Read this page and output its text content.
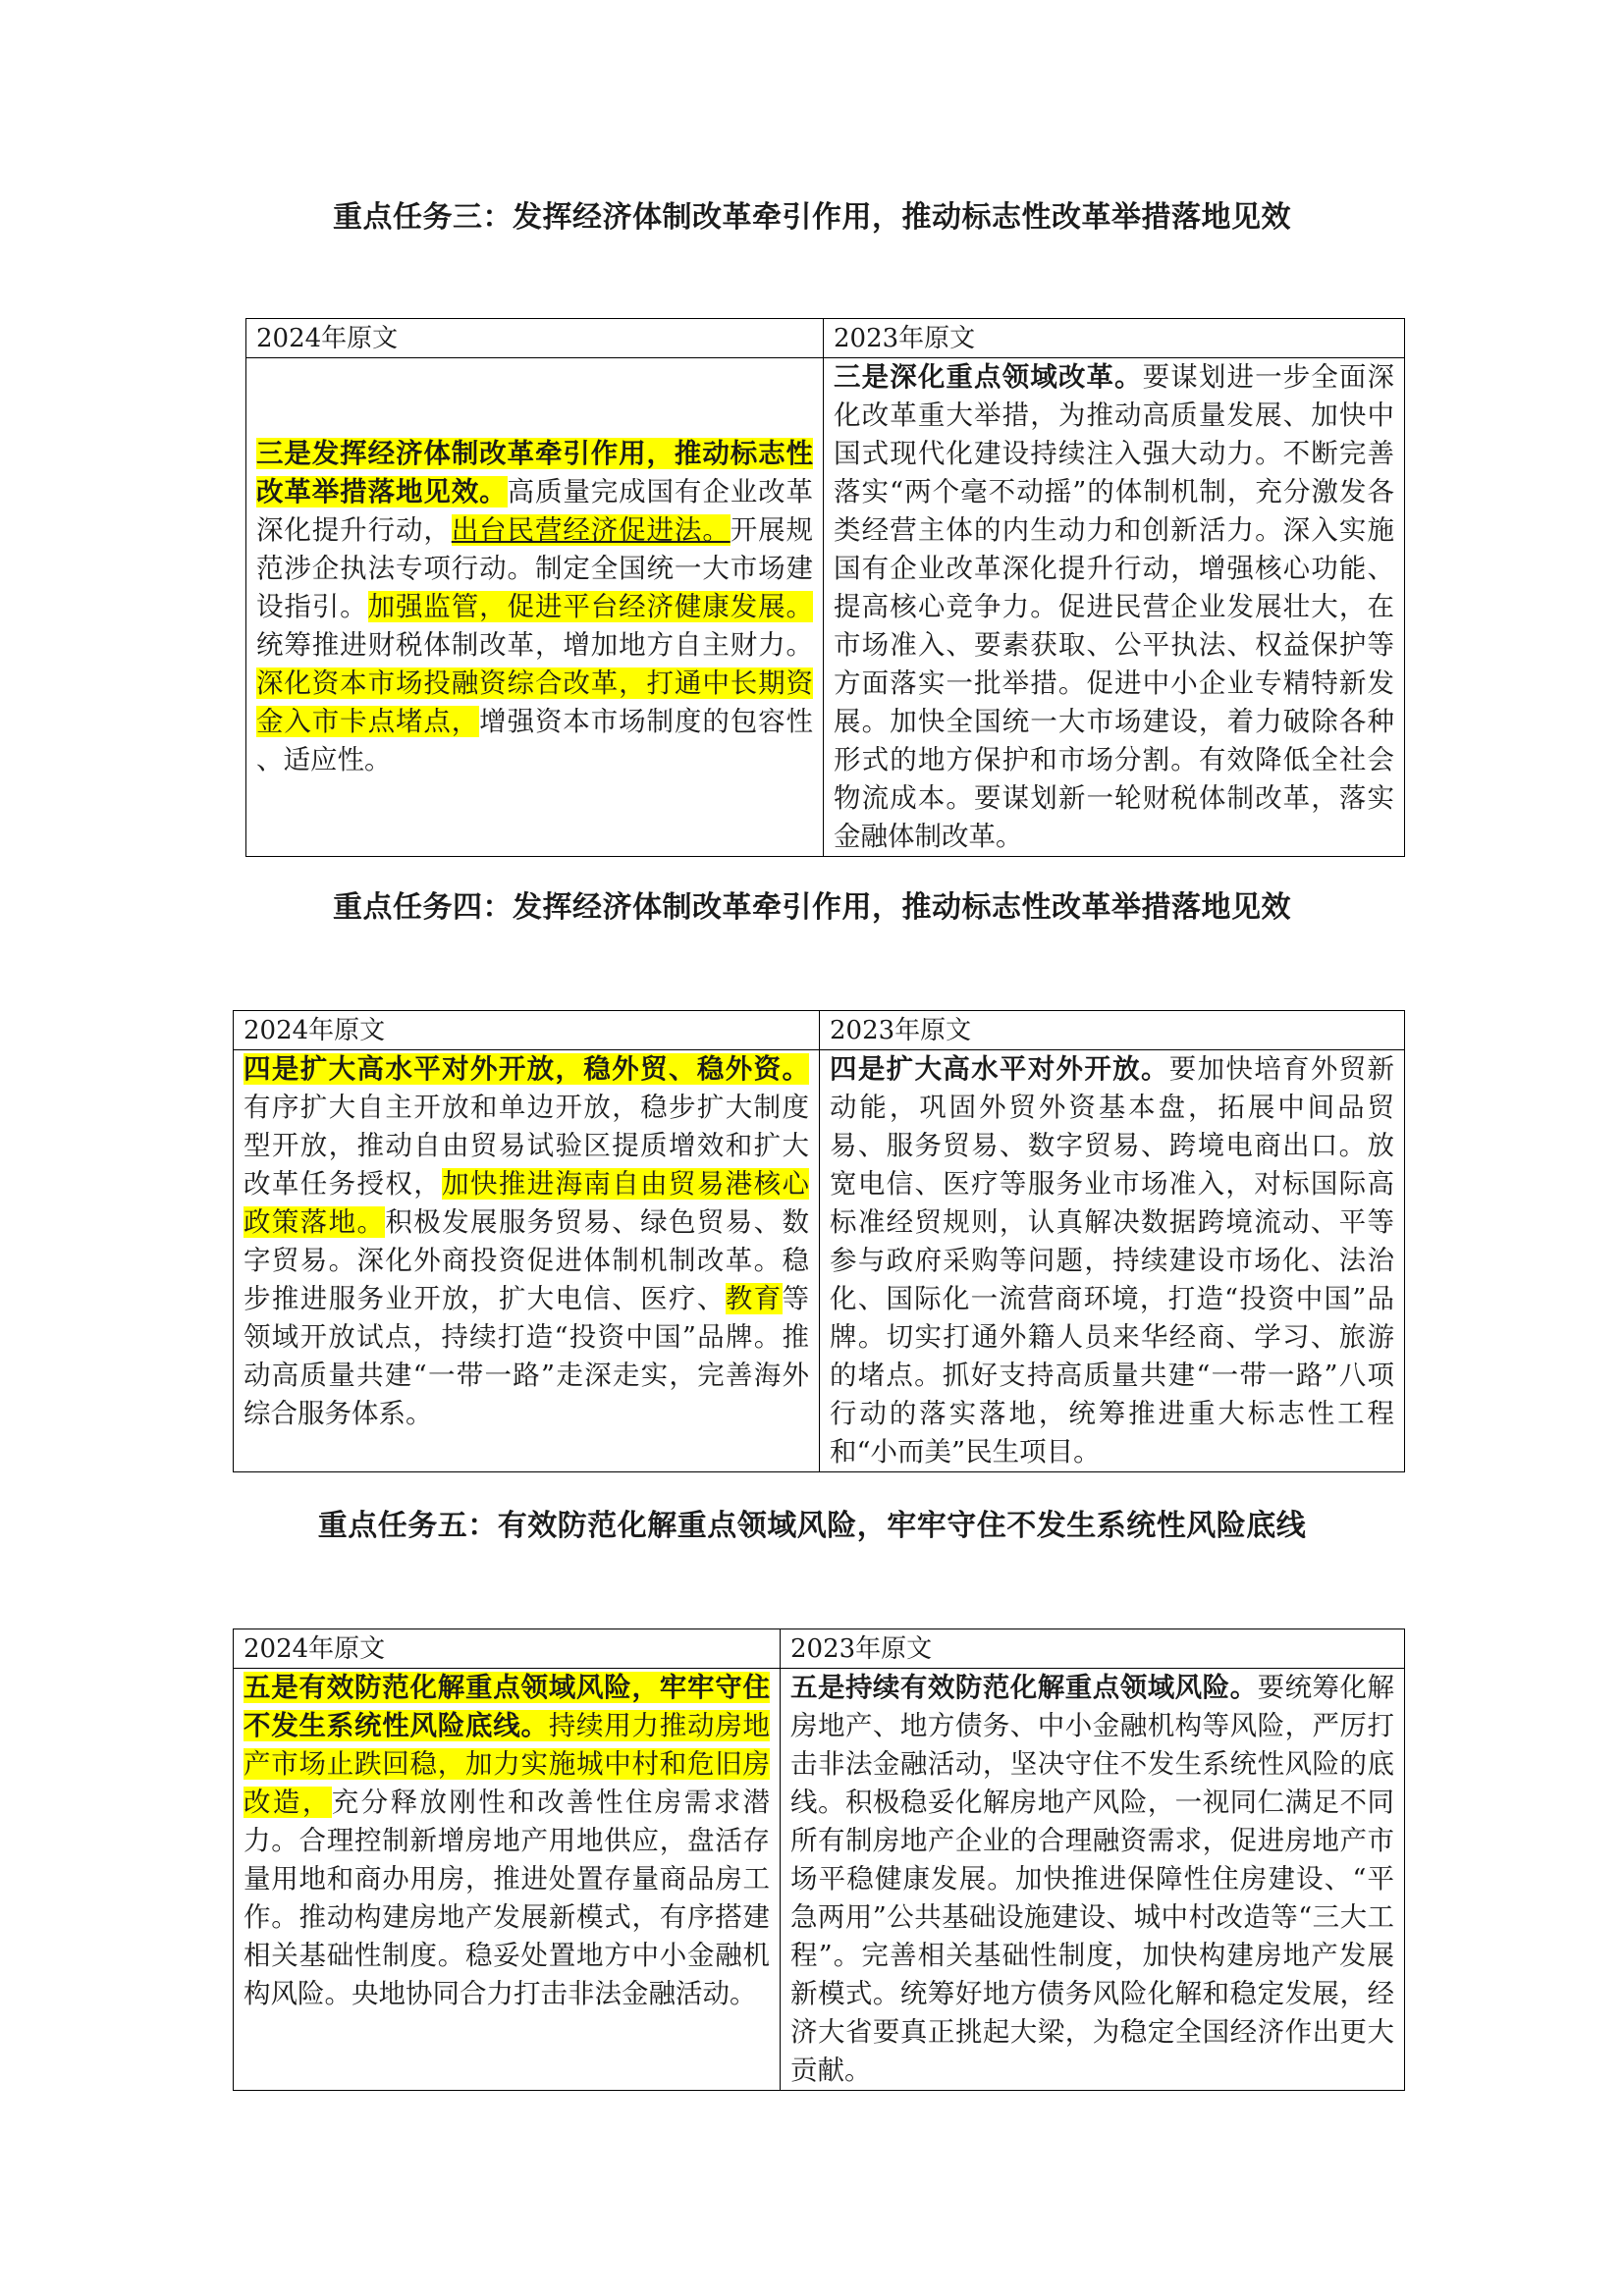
重点任务三：发挥经济体制改革牵引作用，推动标志性改革举措落地见效
2024年原文	2023年原文
三是发挥经济体制改革牵引作用，推动标志性改革举措落地见效。高质量完成国有企业改革深化提升行动，出台民营经济促进法。开展规范涉企执法专项行动。制定全国统一大市场建设指引。加强监管，促进平台经济健康发展。统筹推进财税体制改革，增加地方自主财力。深化资本市场投融资综合改革，打通中长期资金入市卡点堵点，增强资本市场制度的包容性 、适应性。	三是深化重点领域改革。要谋划进一步全面深化改革重大举措，为推动高质量发展、加快中国式现代化建设持续注入强大动力。不断完善落实“两个毫不动摇”的体制机制，充分激发各类经营主体的内生动力和创新活力。深入实施国有企业改革深化提升行动，增强核心功能、提高核心竞争力。促进民营企业发展壮大，在市场准入、要素获取、公平执法、权益保护等方面落实一批举措。促进中小企业专精特新发展。加快全国统一大市场建设，着力破除各种形式的地方保护和市场分割。有效降低全社会物流成本。要谋划新一轮财税体制改革，落实金融体制改革。
重点任务四：发挥经济体制改革牵引作用，推动标志性改革举措落地见效
2024年原文	2023年原文
四是扩大高水平对外开放，稳外贸、稳外资。有序扩大自主开放和单边开放，稳步扩大制度型开放，推动自由贸易试验区提质增效和扩大改革任务授权，加快推进海南自由贸易港核心政策落地。积极发展服务贸易、绿色贸易、数字贸易。深化外商投资促进体制机制改革。稳步推进服务业开放，扩大电信、医疗、教育等领域开放试点，持续打造“投资中国”品牌。推动高质量共建“一带一路”走深走实，完善海外综合服务体系。	四是扩大高水平对外开放。要加快培育外贸新动能，巩固外贸外资基本盘，拓展中间品贸易、服务贸易、数字贸易、跨境电商出口。放宽电信、医疗等服务业市场准入，对标国际高标准经贸规则，认真解决数据跨境流动、平等参与政府采购等问题，持续建设市场化、法治化、国际化一流营商环境，打造“投资中国”品牌。切实打通外籍人员来华经商、学习、旅游的堵点。抓好支持高质量共建“一带一路”八项行动的落实落地，统筹推进重大标志性工程和“小而美”民生项目。
重点任务五：有效防范化解重点领域风险，牢牢守住不发生系统性风险底线
2024年原文	2023年原文
五是有效防范化解重点领域风险，牢牢守住不发生系统性风险底线。持续用力推动房地产市场止跌回稳，加力实施城中村和危旧房改造，充分释放刚性和改善性住房需求潜力。合理控制新增房地产用地供应，盘活存量用地和商办用房，推进处置存量商品房工作。推动构建房地产发展新模式，有序搭建相关基础性制度。稳妥处置地方中小金融机构风险。央地协同合力打击非法金融活动。	五是持续有效防范化解重点领域风险。要统筹化解房地产、地方债务、中小金融机构等风险，严厉打击非法金融活动，坚决守住不发生系统性风险的底线。积极稳妥化解房地产风险，一视同仁满足不同所有制房地产企业的合理融资需求，促进房地产市场平稳健康发展。加快推进保障性住房建设、“平急两用”公共基础设施建设、城中村改造等“三大工程”。完善相关基础性制度，加快构建房地产发展新模式。统筹好地方债务风险化解和稳定发展，经济大省要真正挑起大梁，为稳定全国经济作出更大贡献。
